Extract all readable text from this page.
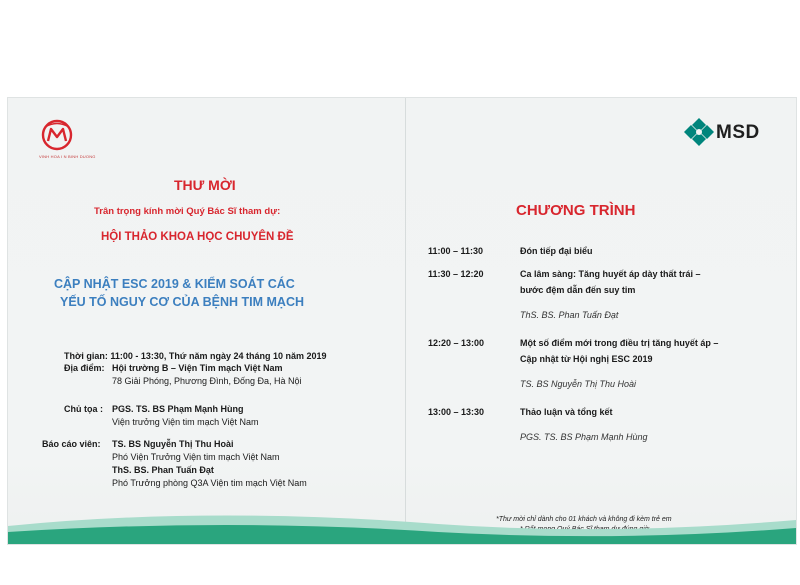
VINH HOA I N BINH DUONG
MSD
THƯ MỜI
Trân trọng kính mời Quý Bác Sĩ tham dự:
HỘI THẢO KHOA HỌC CHUYÊN ĐỀ
CẬP NHẬT ESC 2019 & KIỂM SOÁT CÁC
YẾU TỐ NGUY CƠ CỦA BỆNH TIM MẠCH
Thời gian: 11:00 - 13:30, Thứ năm ngày 24 tháng 10 năm 2019
Địa điểm: Hội trường B – Viện Tim mạch Việt Nam
78 Giải Phóng, Phương Đình, Đống Đa, Hà Nội
Chủ tọa : PGS. TS. BS Phạm Mạnh Hùng
Viện trưởng Viện tim mạch Việt Nam
Báo cáo viên: TS. BS Nguyễn Thị Thu Hoài
Phó Viện Trưởng Viện tim mạch Việt Nam
ThS. BS. Phan Tuấn Đạt
Phó Trưởng phòng Q3A Viện tim mạch Việt Nam
CHƯƠNG TRÌNH
11:00 – 11:30	Đón tiếp đại biểu
11:30 – 12:20	Ca lâm sàng: Tăng huyết áp dày thất trái –
bước đệm dẫn đến suy tim
ThS. BS. Phan Tuấn Đạt
12:20 – 13:00	Một số điểm mới trong điều trị tăng huyết áp –
Cập nhật từ Hội nghị ESC 2019
TS. BS Nguyễn Thị Thu Hoài
13:00 – 13:30	Thảo luận và tổng kết
PGS. TS. BS Phạm Mạnh Hùng
*Thư mời chỉ dành cho 01 khách và không đi kèm trẻ em
